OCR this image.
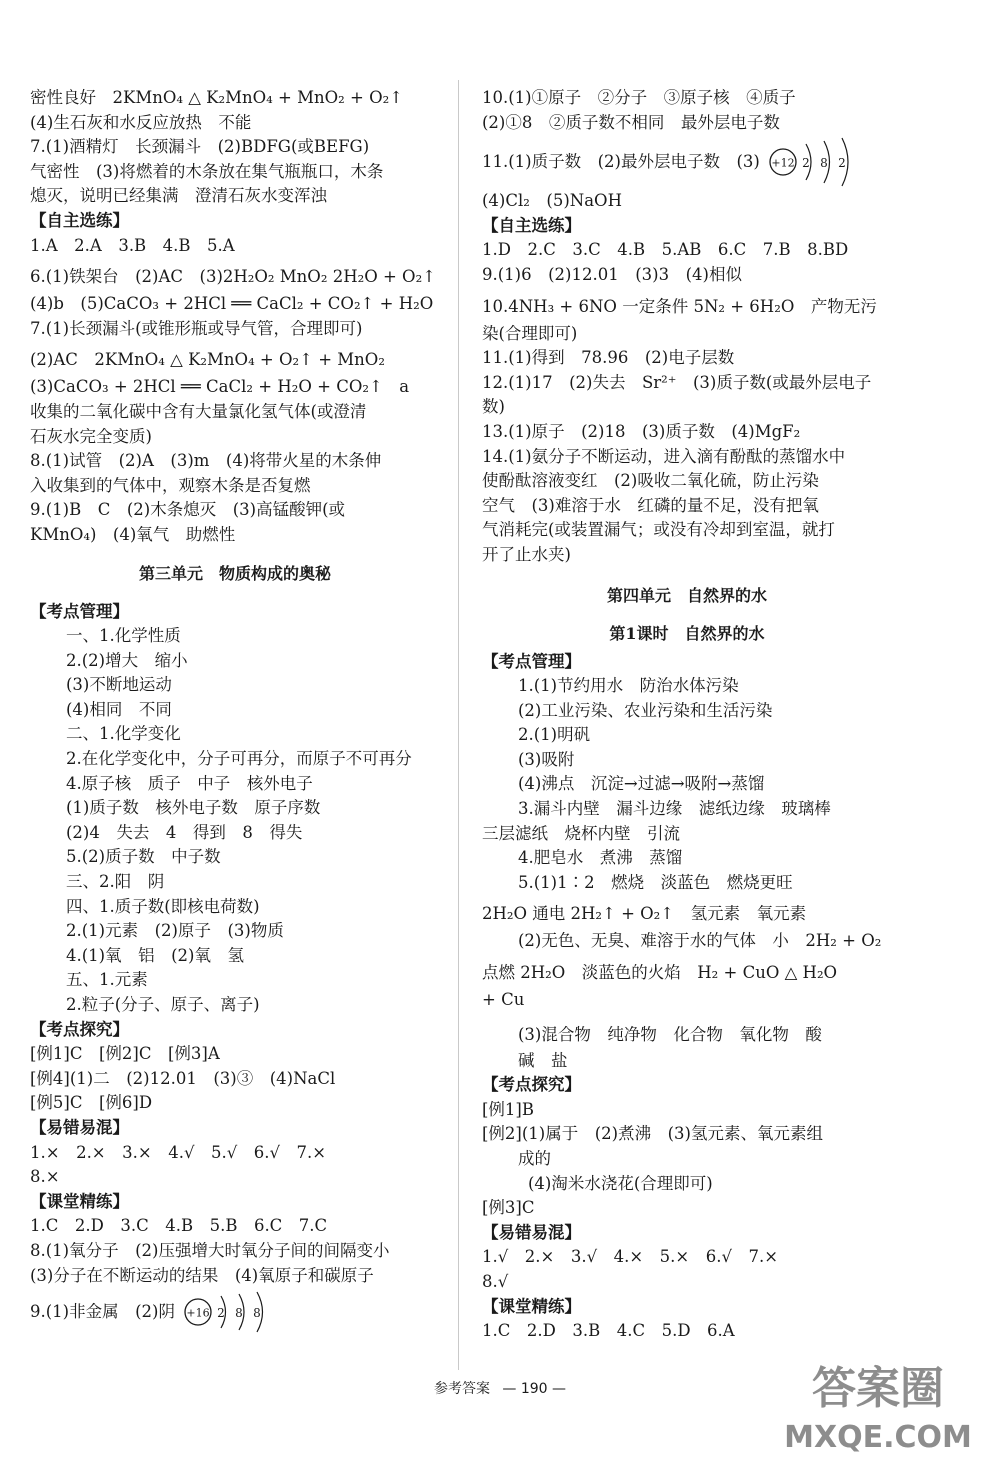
密性良好　2KMnO₄ △ K₂MnO₄ + MnO₂ + O₂↑
(4)生石灰和水反应放热　不能
7.(1)酒精灯　长颈漏斗　(2)BDFG(或BEFG)
气密性　(3)将燃着的木条放在集气瓶瓶口，木条
熄灭，说明已经集满　澄清石灰水变浑浊
【自主选练】
1.A　2.A　3.B　4.B　5.A
6.(1)铁架台　(2)AC　(3)2H₂O₂ MnO₂ 2H₂O + O₂↑
(4)b　(5)CaCO₃ + 2HCl ══ CaCl₂ + CO₂↑ + H₂O
7.(1)长颈漏斗(或锥形瓶或导气管，合理即可)
(2)AC　2KMnO₄ △ K₂MnO₄ + O₂↑ + MnO₂
(3)CaCO₃ + 2HCl ══ CaCl₂ + H₂O + CO₂↑　a
收集的二氧化碳中含有大量氯化氢气体(或澄清
石灰水完全变质)
8.(1)试管　(2)A　(3)m　(4)将带火星的木条伸
入收集到的气体中，观察木条是否复燃
9.(1)B　C　(2)木条熄灭　(3)高锰酸钾(或
KMnO₄)　(4)氧气　助燃性
第三单元　物质构成的奥秘
【考点管理】
一、1.化学性质
2.(2)增大　缩小
(3)不断地运动
(4)相同　不同
二、1.化学变化
2.在化学变化中，分子可再分，而原子不可再分
4.原子核　质子　中子　核外电子
(1)质子数　核外电子数　原子序数
(2)4　失去　4　得到　8　得失
5.(2)质子数　中子数
三、2.阳　阴
四、1.质子数(即核电荷数)
2.(1)元素　(2)原子　(3)物质
4.(1)氧　铝　(2)氧　氢
五、1.元素
2.粒子(分子、原子、离子)
【考点探究】
[例1]C　[例2]C　[例3]A
[例4](1)二　(2)12.01　(3)③　(4)NaCl
[例5]C　[例6]D
【易错易混】
1.×　2.×　3.×　4.√　5.√　6.√　7.×
8.×
【课堂精练】
1.C　2.D　3.C　4.B　5.B　6.C　7.C
8.(1)氧分子　(2)压强增大时氧分子间的间隔变小
(3)分子在不断运动的结果　(4)氧原子和碳原子
9.(1)非金属　(2)阴 +16 2 8 8
10.(1)①原子　②分子　③原子核　④质子
(2)①8　②质子数不相同　最外层电子数
11.(1)质子数　(2)最外层电子数　(3) +12 2 8 2
(4)Cl₂　(5)NaOH
【自主选练】
1.D　2.C　3.C　4.B　5.AB　6.C　7.B　8.BD
9.(1)6　(2)12.01　(3)3　(4)相似
10.4NH₃ + 6NO 一定条件 5N₂ + 6H₂O　产物无污
染(合理即可)
11.(1)得到　78.96　(2)电子层数
12.(1)17　(2)失去　Sr²⁺　(3)质子数(或最外层电子
数)
13.(1)原子　(2)18　(3)质子数　(4)MgF₂
14.(1)氨分子不断运动，进入滴有酚酞的蒸馏水中
使酚酞溶液变红　(2)吸收二氧化硫，防止污染
空气　(3)难溶于水　红磷的量不足，没有把氧
气消耗完(或装置漏气；或没有冷却到室温，就打
开了止水夹)
第四单元　自然界的水
第1课时　自然界的水
【考点管理】
1.(1)节约用水　防治水体污染
(2)工业污染、农业污染和生活污染
2.(1)明矾
(3)吸附
(4)沸点　沉淀→过滤→吸附→蒸馏
3.漏斗内壁　漏斗边缘　滤纸边缘　玻璃棒
三层滤纸　烧杯内壁　引流
4.肥皂水　煮沸　蒸馏
5.(1)1∶2　燃烧　淡蓝色　燃烧更旺
2H₂O 通电 2H₂↑ + O₂↑　氢元素　氧元素
(2)无色、无臭、难溶于水的气体　小　2H₂ + O₂
点燃 2H₂O　淡蓝色的火焰　H₂ + CuO △ H₂O
+ Cu
(3)混合物　纯净物　化合物　氧化物　酸
碱　盐
【考点探究】
[例1]B
[例2](1)属于　(2)煮沸　(3)氢元素、氧元素组
成的
(4)淘米水浇花(合理即可)
[例3]C
【易错易混】
1.√　2.×　3.√　4.×　5.×　6.√　7.×
8.√
【课堂精练】
1.C　2.D　3.B　4.C　5.D　6.A
参考答案 — 190 —	答案圈
MXQE.COM
